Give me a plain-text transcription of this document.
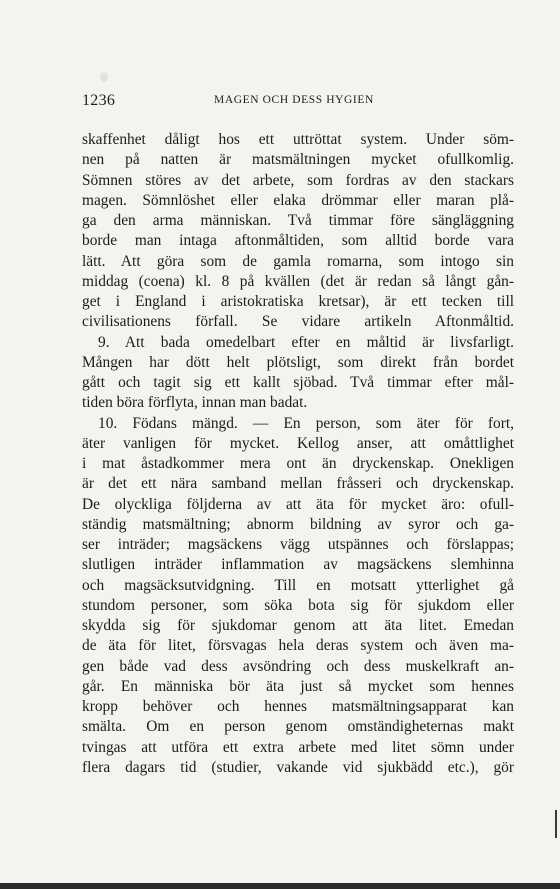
1236	MAGEN OCH DESS HYGIEN
skaffenhet dåligt hos ett uttröttat system. Under söm-
nen på natten är matsmältningen mycket ofullkomlig.
Sömnen störes av det arbete, som fordras av den stackars
magen. Sömnlöshet eller elaka drömmar eller maran plå-
ga den arma människan. Två timmar före sängläggning
borde man intaga aftonmåltiden, som alltid borde vara
lätt. Att göra som de gamla romarna, som intogo sin
middag (coena) kl. 8 på kvällen (det är redan så långt gån-
get i England i aristokratiska kretsar), är ett tecken till
civilisationens förfall. Se vidare artikeln Aftonmåltid.
9. Att bada omedelbart efter en måltid är livsfarligt.
Mången har dött helt plötsligt, som direkt från bordet
gått och tagit sig ett kallt sjöbad. Två timmar efter mål-
tiden böra förflyta, innan man badat.
10. Födans mängd. — En person, som äter för fort,
äter vanligen för mycket. Kellog anser, att omåttlighet
i mat åstadkommer mera ont än dryckenskap. Onekligen
är det ett nära samband mellan fråsseri och dryckenskap.
De olyckliga följderna av att äta för mycket äro: ofull-
ständig matsmältning; abnorm bildning av syror och ga-
ser inträder; magsäckens vägg utspännes och förslappas;
slutligen inträder inflammation av magsäckens slemhinna
och magsäcksutvidgning. Till en motsatt ytterlighet gå
stundom personer, som söka bota sig för sjukdom eller
skydda sig för sjukdomar genom att äta litet. Emedan
de äta för litet, försvagas hela deras system och även ma-
gen både vad dess avsöndring och dess muskelkraft an-
går. En människa bör äta just så mycket som hennes
kropp behöver och hennes matsmältningsapparat kan
smälta. Om en person genom omständigheternas makt
tvingas att utföra ett extra arbete med litet sömn under
flera dagars tid (studier, vakande vid sjukbädd etc.), gör
